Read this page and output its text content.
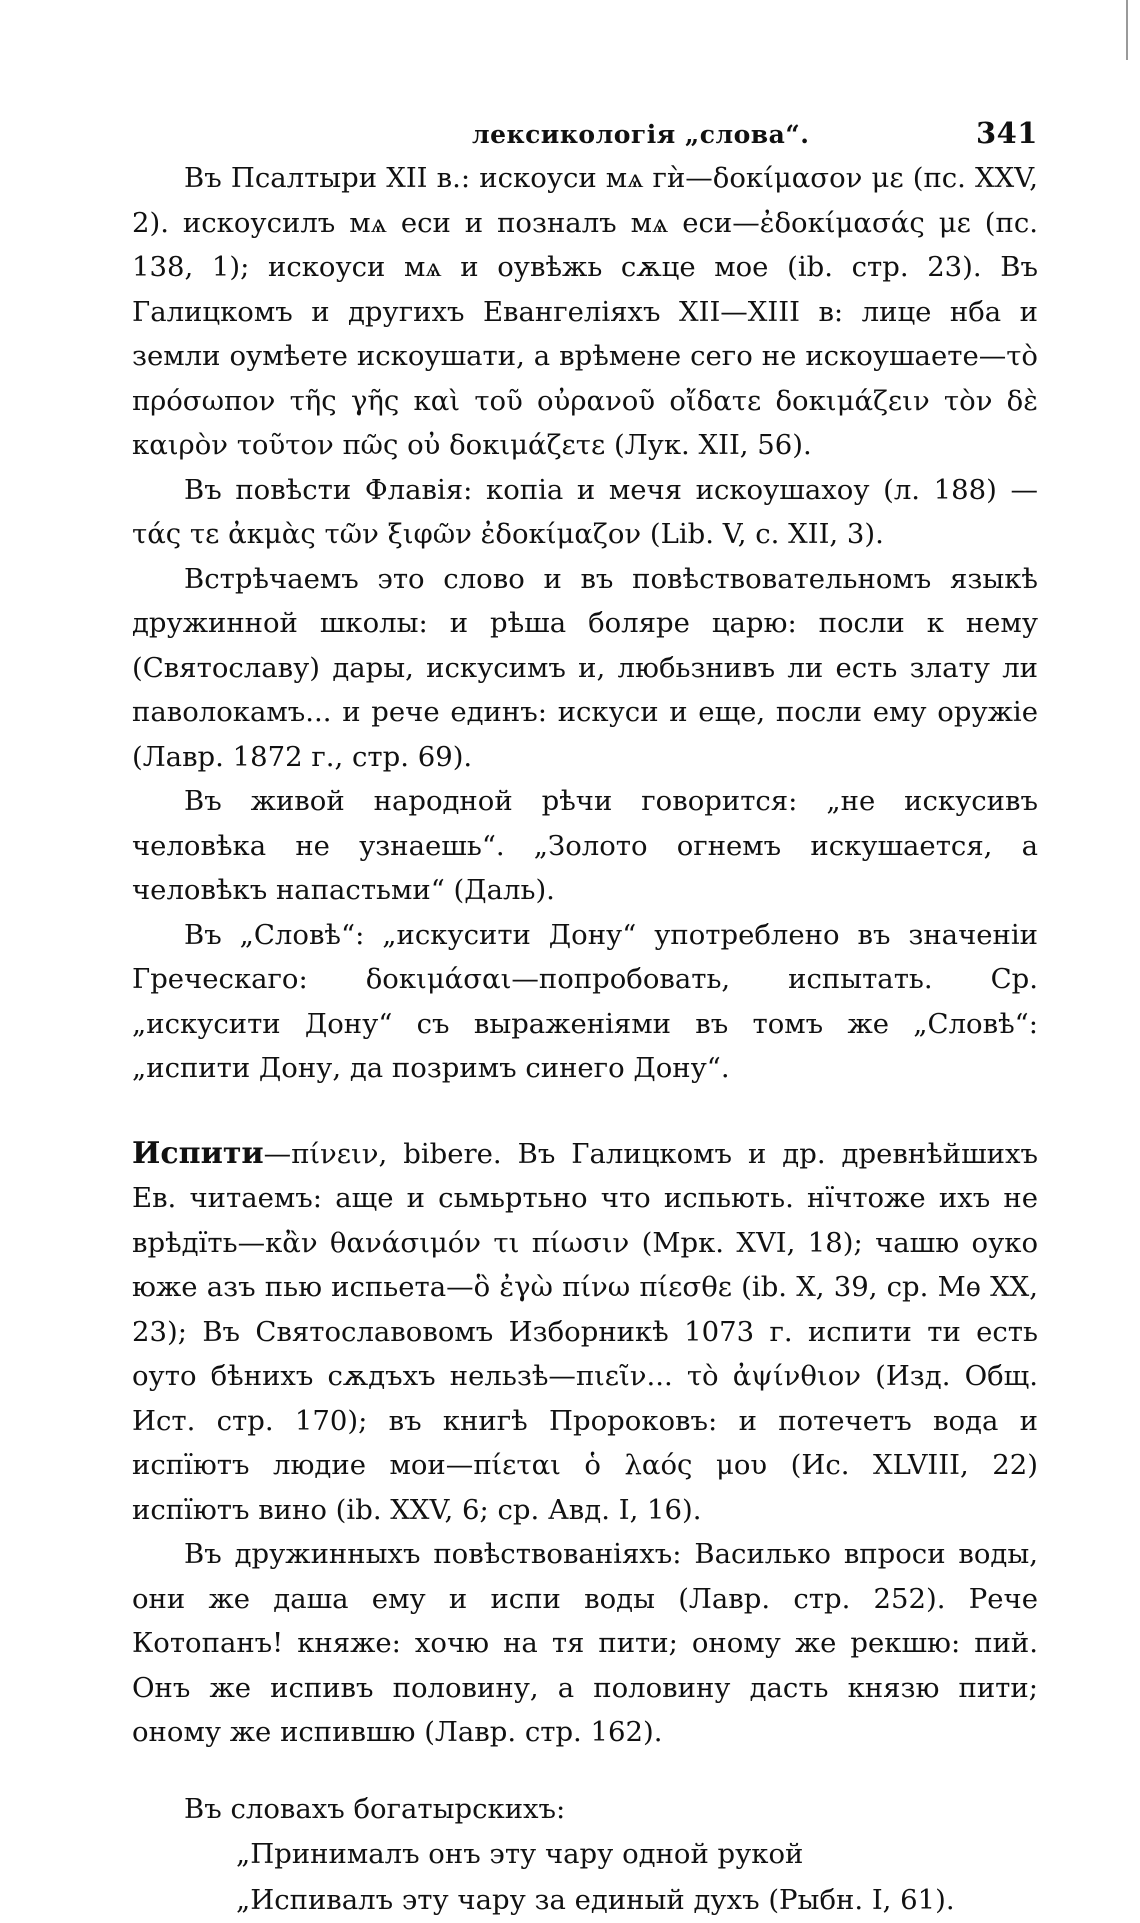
лексикологія „слова“.	341

Въ Псалтыри XII в.: искоуси мѧ гѝ—δοκίμασον με (пс. XXV, 2). искоусилъ мѧ еси и позналъ мѧ еси—ἐδοκίμασάς με (пс. 138, 1); искоуси мѧ и оувѣжь сѫце мое (ib. стр. 23). Въ Галицкомъ и другихъ Евангеліяхъ XII—XIII в: лице нба и земли оумѣете искоушати, а врѣмене сего не искоушаете—τὸ πρόσωπον τῆς γῆς καὶ τοῦ οὐρανοῦ οἴδατε δοκιμάζειν τὸν δὲ καιρὸν τοῦτον πῶς οὐ δοκιμάζετε (Лук. XII, 56).

Въ повѣсти Флавія: копіа и мечя искоушахоу (л. 188) — τάς τε ἀκμὰς τῶν ξιφῶν ἐδοκίμαζον (Lib. V, c. XII, 3).

Встрѣчаемъ это слово и въ повѣствовательномъ языкѣ дружинной школы: и рѣша боляре царю: посли к нему (Святославу) дары, искусимъ и, любьзнивъ ли есть злату ли паволокамъ... и рече единъ: искуси и еще, посли ему оружіе (Лавр. 1872 г., стр. 69).

Въ живой народной рѣчи говорится: „не искусивъ человѣка не узнаешь“. „Золото огнемъ искушается, а человѣкъ напастьми“ (Даль).

Въ „Словѣ“: „искусити Дону“ употреблено въ значеніи Греческаго: δοκιμάσαι—попробовать, испытать. Ср. „искусити Дону“ съ выраженіями въ томъ же „Словѣ“: „испити Дону, да позримъ синего Дону“.

Испити—πίνειν, bibere. Въ Галицкомъ и др. древнѣйшихъ Ев. читаемъ: аще и сьмьртьно что испьють. нїчтоже ихъ не врѣдїть—κἂν θανάσιμόν τι πίωσιν (Мрк. XVI, 18); чашю оуко юже азъ пью испьета—ὃ ἐγὼ πίνω πίεσθε (ib. X, 39, ср. Мѳ XX, 23); Въ Святославовомъ Изборникѣ 1073 г. испити ти есть оуто бѣнихъ сѫдъхъ нельзѣ—πιεῖν... τὸ ἀψίνθιον (Изд. Общ. Ист. стр. 170); въ книгѣ Пророковъ: и потечетъ вода и испїютъ людие мои—πίεται ὁ λαός μου (Ис. XLVIII, 22) испїютъ вино (ib. XXV, 6; ср. Авд. I, 16).

Въ дружинныхъ повѣствованіяхъ: Василько впроси воды, они же даша ему и испи воды (Лавр. стр. 252). Рече Котопанъ! княже: хочю на тя пити; оному же рекшю: пий. Онъ же испивъ половину, а половину дасть князю пити; оному же испившю (Лавр. стр. 162).

Въ словахъ богатырскихъ:

„Принималъ онъ эту чару одной рукой
„Испивалъ эту чару за единый духъ (Рыбн. I, 61).
